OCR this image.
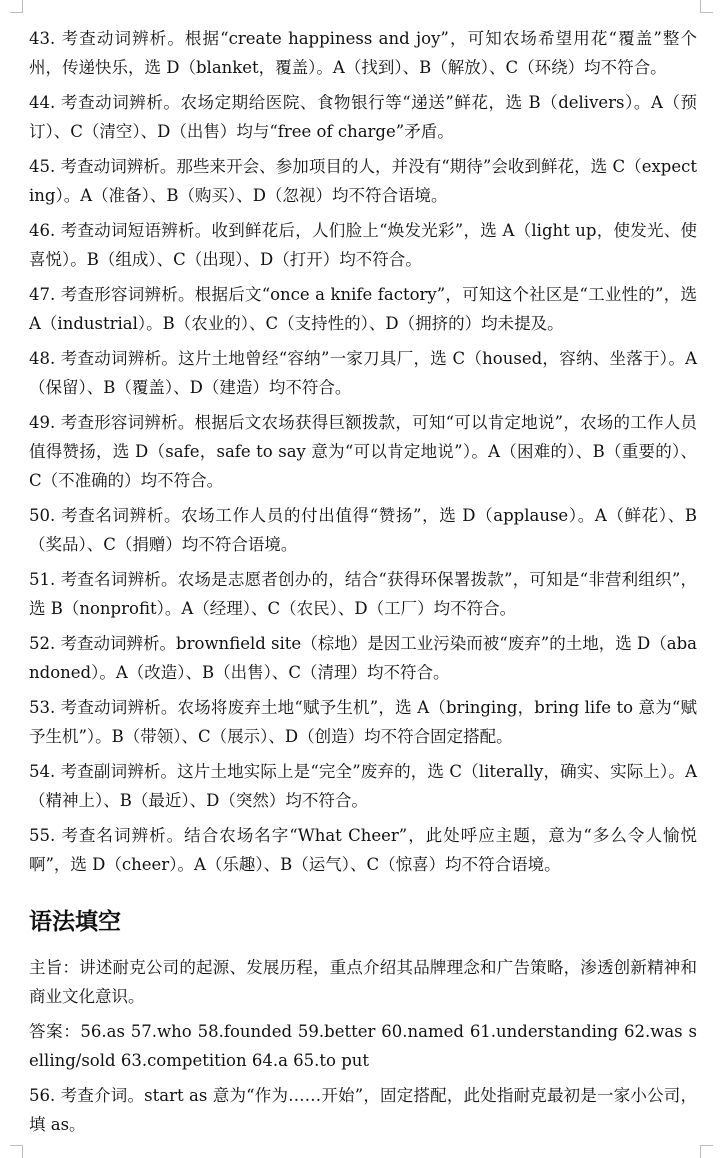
43. 考查动词辨析。根据“create happiness and joy”，可知农场希望用花“覆盖”整个州，传递快乐，选 D（blanket，覆盖）。A（找到）、B（解放）、C（环绕）均不符合。

44. 考查动词辨析。农场定期给医院、食物银行等“递送”鲜花，选 B（delivers）。A（预订）、C（清空）、D（出售）均与“free of charge”矛盾。

45. 考查动词辨析。那些来开会、参加项目的人，并没有“期待”会收到鲜花，选 C（expecting）。A（准备）、B（购买）、D（忽视）均不符合语境。

46. 考查动词短语辨析。收到鲜花后，人们脸上“焕发光彩”，选 A（light up，使发光、使喜悦）。B（组成）、C（出现）、D（打开）均不符合。

47. 考查形容词辨析。根据后文“once a knife factory”，可知这个社区是“工业性的”，选 A（industrial）。B（农业的）、C（支持性的）、D（拥挤的）均未提及。

48. 考查动词辨析。这片土地曾经“容纳”一家刀具厂，选 C（housed，容纳、坐落于）。A（保留）、B（覆盖）、D（建造）均不符合。

49. 考查形容词辨析。根据后文农场获得巨额拨款，可知“可以肯定地说”，农场的工作人员值得赞扬，选 D（safe，safe to say 意为“可以肯定地说”）。A（困难的）、B（重要的）、C（不准确的）均不符合。

50. 考查名词辨析。农场工作人员的付出值得“赞扬”，选 D（applause）。A（鲜花）、B（奖品）、C（捐赠）均不符合语境。

51. 考查名词辨析。农场是志愿者创办的，结合“获得环保署拨款”，可知是“非营利组织”，选 B（nonprofit）。A（经理）、C（农民）、D（工厂）均不符合。

52. 考查动词辨析。brownfield site（棕地）是因工业污染而被“废弃”的土地，选 D（abandoned）。A（改造）、B（出售）、C（清理）均不符合。

53. 考查动词辨析。农场将废弃土地“赋予生机”，选 A（bringing，bring life to 意为“赋予生机”）。B（带领）、C（展示）、D（创造）均不符合固定搭配。

54. 考查副词辨析。这片土地实际上是“完全”废弃的，选 C（literally，确实、实际上）。A（精神上）、B（最近）、D（突然）均不符合。

55. 考查名词辨析。结合农场名字“What Cheer”，此处呼应主题，意为“多么令人愉悦啊”，选 D（cheer）。A（乐趣）、B（运气）、C（惊喜）均不符合语境。

语法填空

主旨：讲述耐克公司的起源、发展历程，重点介绍其品牌理念和广告策略，渗透创新精神和商业文化意识。

答案：56.as 57.who 58.founded 59.better 60.named 61.understanding 62.was selling/sold 63.competition 64.a 65.to put

56. 考查介词。start as 意为“作为……开始”，固定搭配，此处指耐克最初是一家小公司，填 as。
